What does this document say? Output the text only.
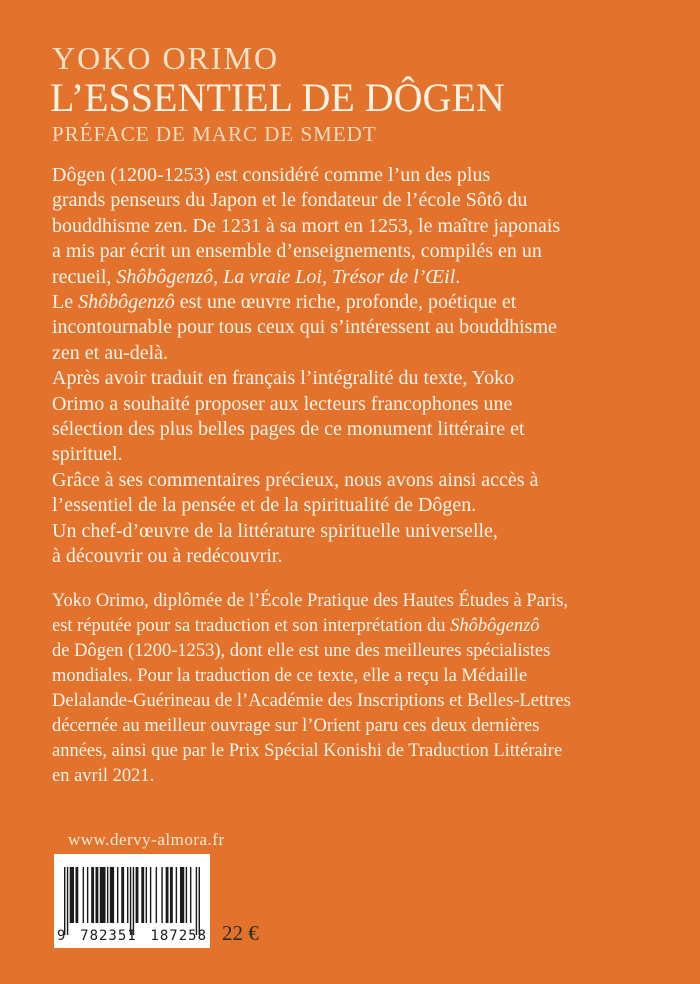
YOKO ORIMO
L’ESSENTIEL DE DÔGEN
PRÉFACE DE MARC DE SMEDT

Dôgen (1200-1253) est considéré comme l’un des plus
grands penseurs du Japon et le fondateur de l’école Sôtô du
bouddhisme zen. De 1231 à sa mort en 1253, le maître japonais
a mis par écrit un ensemble d’enseignements, compilés en un
recueil, Shôbôgenzô, La vraie Loi, Trésor de l’Œil.

Le Shôbôgenzô est une œuvre riche, profonde, poétique et
incontournable pour tous ceux qui s’intéressent au bouddhisme
zen et au-delà.

Après avoir traduit en français l’intégralité du texte, Yoko
Orimo a souhaité proposer aux lecteurs francophones une
sélection des plus belles pages de ce monument littéraire et
spirituel.

Grâce à ses commentaires précieux, nous avons ainsi accès à
l’essentiel de la pensée et de la spiritualité de Dôgen.

Un chef-d’œuvre de la littérature spirituelle universelle,
à découvrir ou à redécouvrir.

Yoko Orimo, diplômée de l’École Pratique des Hautes Études à Paris,
est réputée pour sa traduction et son interprétation du Shôbôgenzô
de Dôgen (1200-1253), dont elle est une des meilleures spécialistes
mondiales. Pour la traduction de ce texte, elle a reçu la Médaille
Delalande-Guérineau de l’Académie des Inscriptions et Belles-Lettres
décernée au meilleur ouvrage sur l’Orient paru ces deux dernières
années, ainsi que par le Prix Spécial Konishi de Traduction Littéraire
en avril 2021.

www.dervy-almora.fr
9 782351 187258 22 €
